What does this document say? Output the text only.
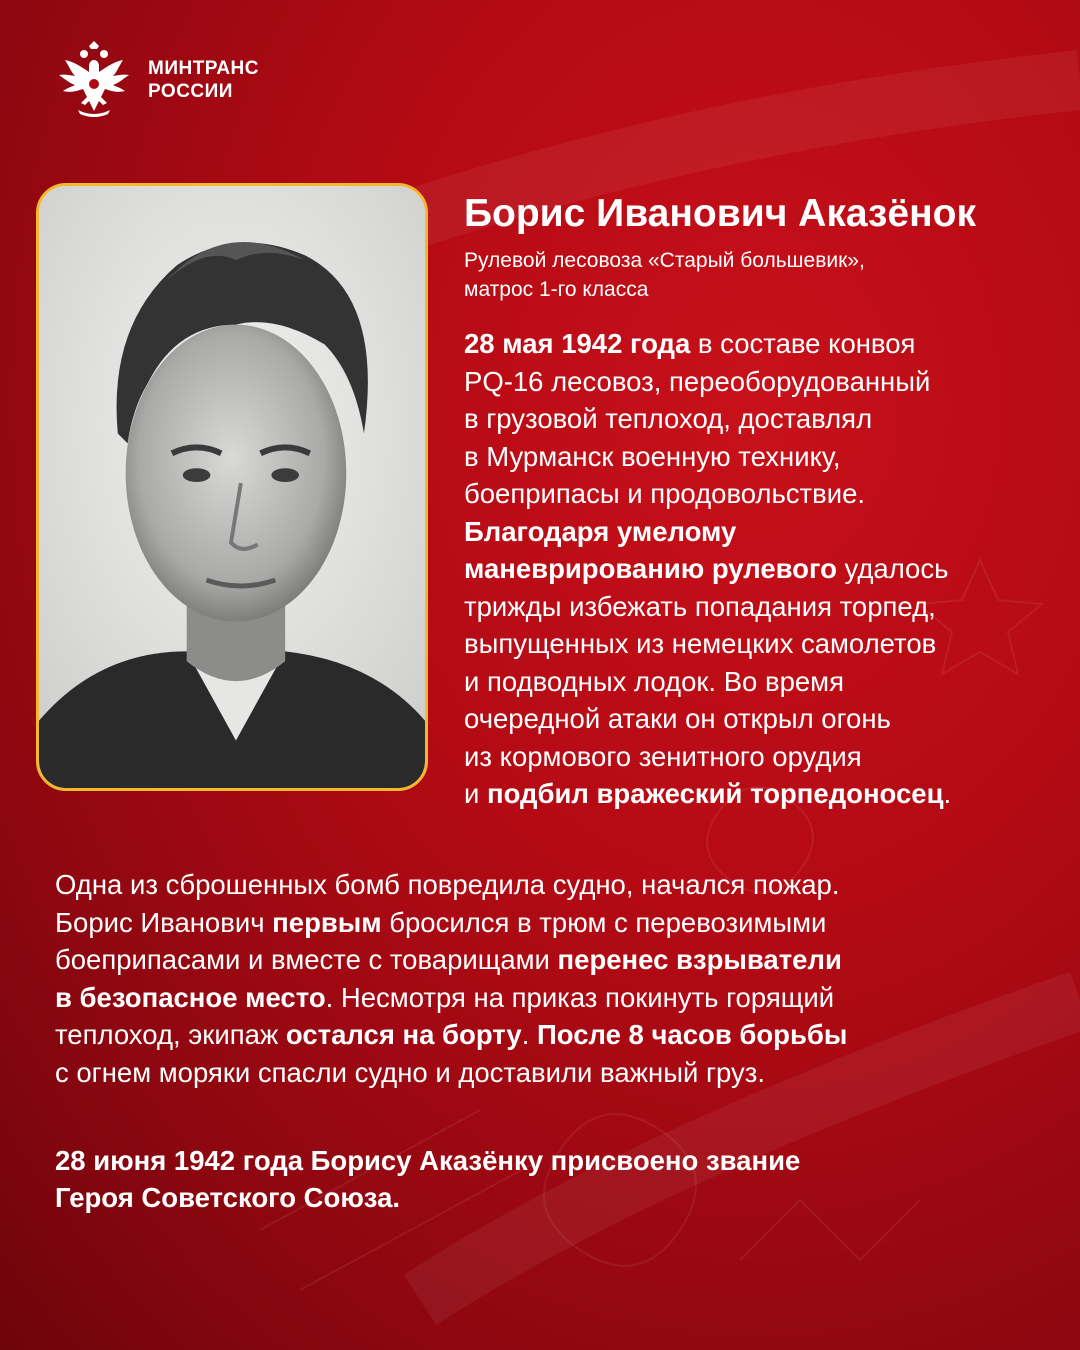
МИНТРАНС
РОССИИ
Борис Иванович Аказёнок
Рулевой лесовоза «Старый большевик»,
матрос 1-го класса
28 мая 1942 года в составе конвоя
PQ-16 лесовоз, переоборудованный
в грузовой теплоход, доставлял
в Мурманск военную технику,
боеприпасы и продовольствие.
Благодаря умелому
маневрированию рулевого удалось
трижды избежать попадания торпед,
выпущенных из немецких самолетов
и подводных лодок. Во время
очередной атаки он открыл огонь
из кормового зенитного орудия
и подбил вражеский торпедоносец.
Одна из сброшенных бомб повредила судно, начался пожар.
Борис Иванович первым бросился в трюм с перевозимыми
боеприпасами и вместе с товарищами перенес взрыватели
в безопасное место. Несмотря на приказ покинуть горящий
теплоход, экипаж остался на борту. После 8 часов борьбы
с огнем моряки спасли судно и доставили важный груз.
28 июня 1942 года Борису Аказёнку присвоено звание
Героя Советского Союза.
